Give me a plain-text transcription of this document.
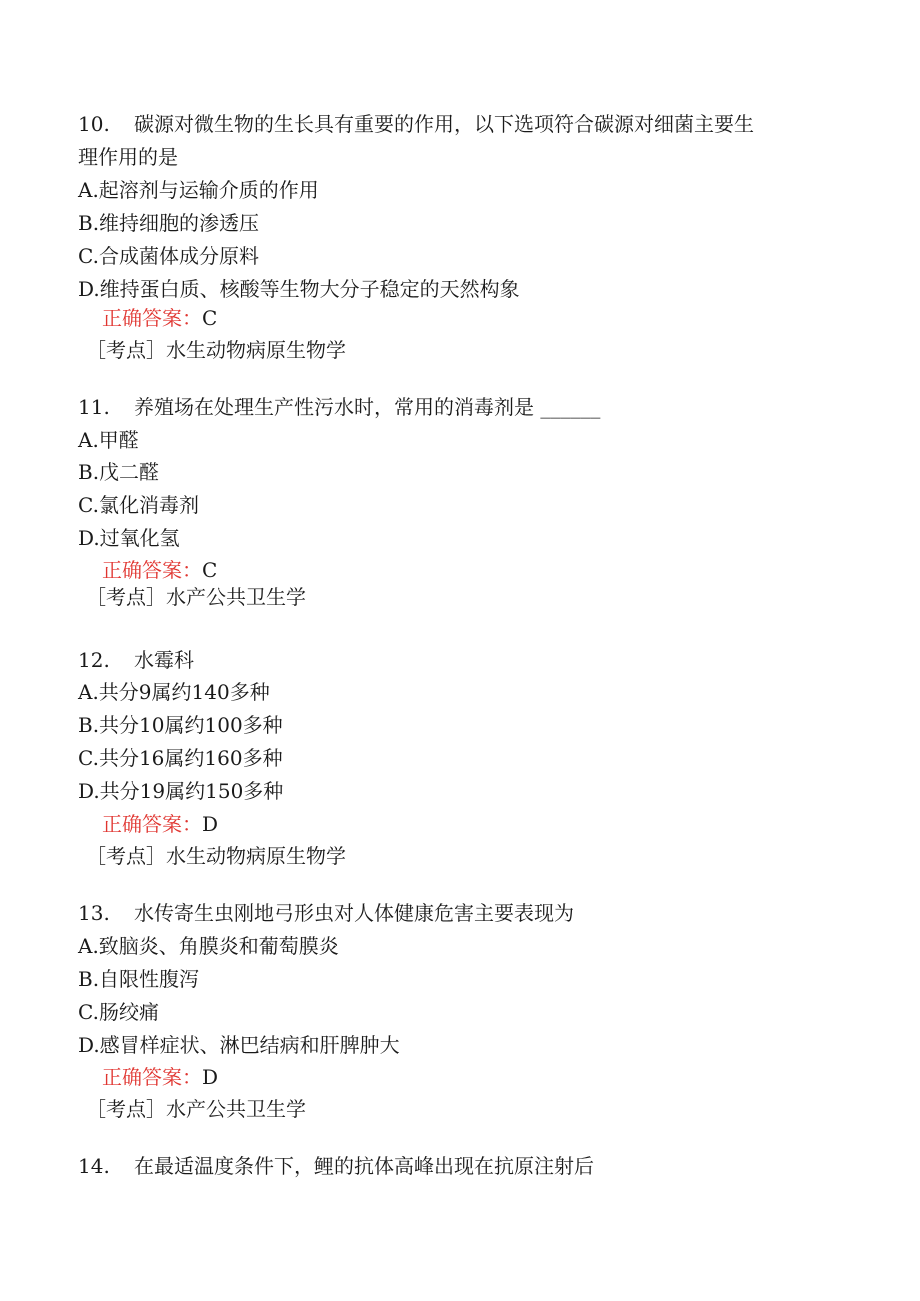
10. 碳源对微生物的生长具有重要的作用，以下选项符合碳源对细菌主要生
理作用的是
A.起溶剂与运输介质的作用
B.维持细胞的渗透压
C.合成菌体成分原料
D.维持蛋白质、核酸等生物大分子稳定的天然构象
正确答案：C
［考点］水生动物病原生物学
11. 养殖场在处理生产性污水时，常用的消毒剂是 ______
A.甲醛
B.戊二醛
C.氯化消毒剂
D.过氧化氢
正确答案：C
［考点］水产公共卫生学
12. 水霉科
A.共分9属约140多种
B.共分10属约100多种
C.共分16属约160多种
D.共分19属约150多种
正确答案：D
［考点］水生动物病原生物学
13. 水传寄生虫刚地弓形虫对人体健康危害主要表现为
A.致脑炎、角膜炎和葡萄膜炎
B.自限性腹泻
C.肠绞痛
D.感冒样症状、淋巴结病和肝脾肿大
正确答案：D
［考点］水产公共卫生学
14. 在最适温度条件下，鲤的抗体高峰出现在抗原注射后
